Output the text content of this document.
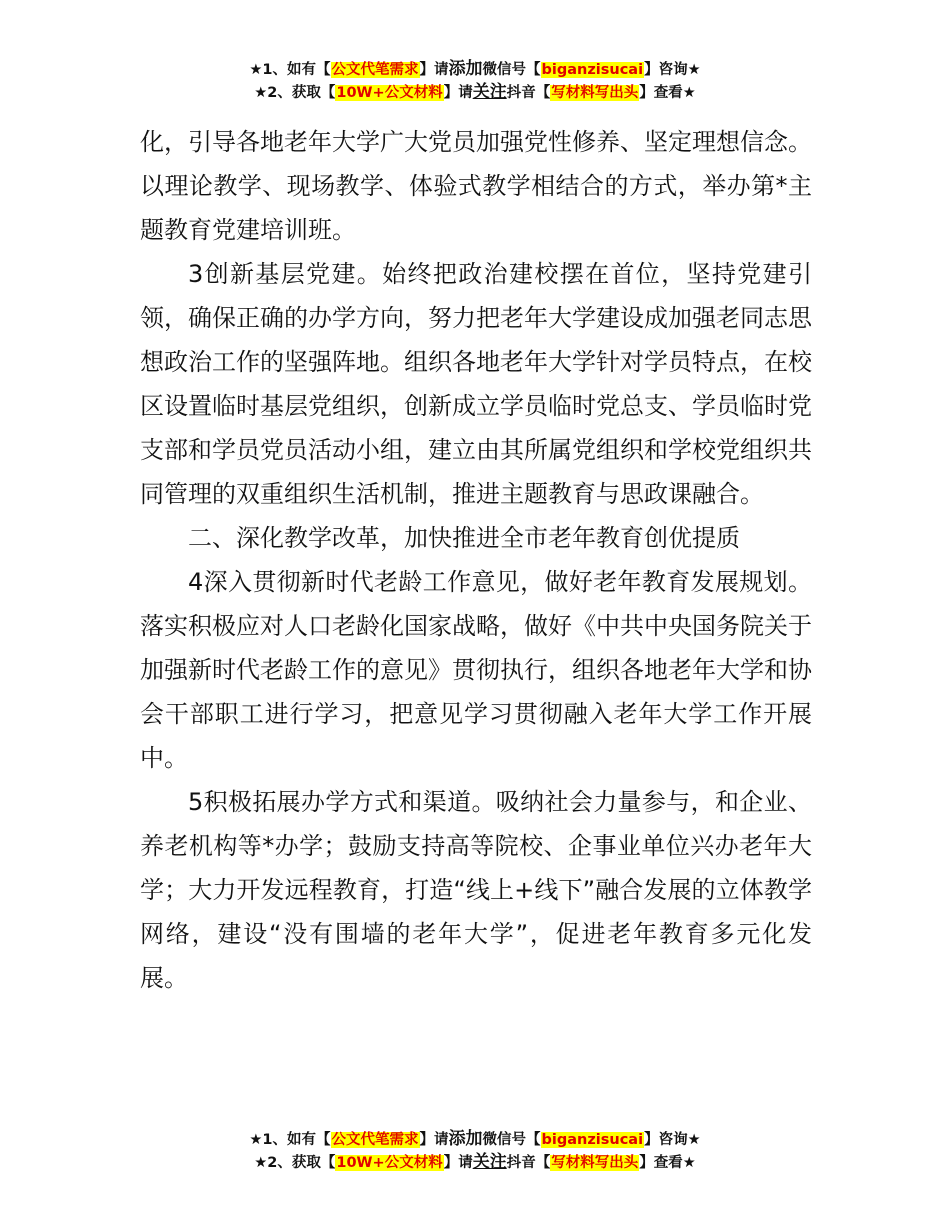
★1、如有【公文代笔需求】请添加微信号【biganzisucai】咨询★
★2、获取【10W+公文材料】请关注抖音【写材料写出头】查看★

化，引导各地老年大学广大党员加强党性修养、坚定理想信念。以理论教学、现场教学、体验式教学相结合的方式，举办第*主题教育党建培训班。

3创新基层党建。始终把政治建校摆在首位，坚持党建引领，确保正确的办学方向，努力把老年大学建设成加强老同志思想政治工作的坚强阵地。组织各地老年大学针对学员特点，在校区设置临时基层党组织，创新成立学员临时党总支、学员临时党支部和学员党员活动小组，建立由其所属党组织和学校党组织共同管理的双重组织生活机制，推进主题教育与思政课融合。

二、深化教学改革，加快推进全市老年教育创优提质

4深入贯彻新时代老龄工作意见，做好老年教育发展规划。落实积极应对人口老龄化国家战略，做好《中共中央国务院关于加强新时代老龄工作的意见》贯彻执行，组织各地老年大学和协会干部职工进行学习，把意见学习贯彻融入老年大学工作开展中。

5积极拓展办学方式和渠道。吸纳社会力量参与，和企业、养老机构等*办学；鼓励支持高等院校、企事业单位兴办老年大学；大力开发远程教育，打造“线上+线下”融合发展的立体教学网络，建设“没有围墙的老年大学”，促进老年教育多元化发展。

★1、如有【公文代笔需求】请添加微信号【biganzisucai】咨询★
★2、获取【10W+公文材料】请关注抖音【写材料写出头】查看★
